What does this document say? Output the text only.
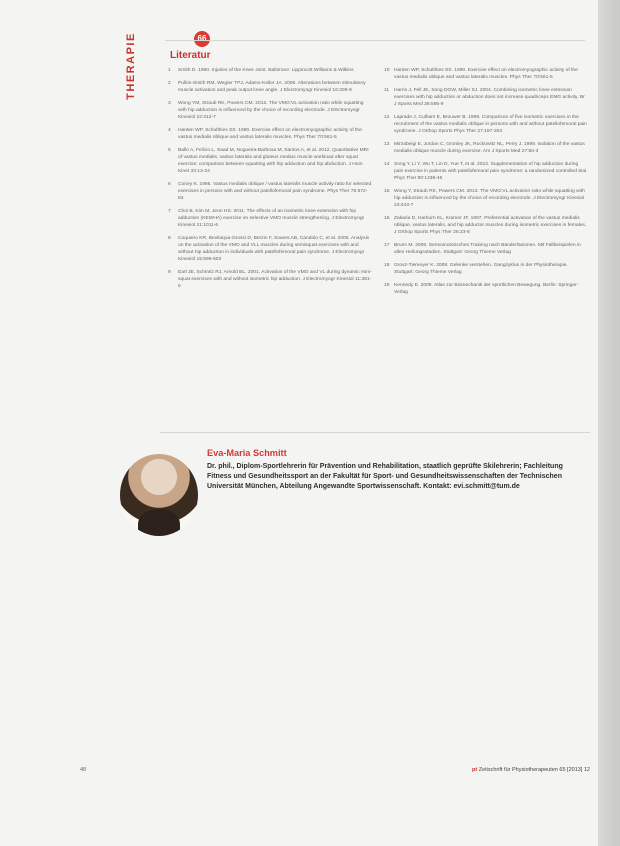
THERAPIE	66
Literatur
1 Smith D. 1960. Injuries of the Knee Joint. Baltimore: Lippincott Williams & Wilkins
2 Pulkin-Smith RM, Wegter TPJ, Adams-Keller JA. 2006. Alterations between stimulatory muscle activation and peak output knee angle. J Electromyogr Kinesiol 16:209-9
3 Wong YM, Straub RK, Powers CM. 2012. The VMO:VL activation ratio while squatting with hip adduction is influenced by the choice of recording electrode. J Electromyogr Kinesiol 22:312-7
4 Hanten WP, Schulthies SS. 1990. Exercise effect on electromyographic activity of the vastus medialis oblique and vastus lateralis muscles. Phys Ther 70:561-5
5 Ballo A, Felicio L, Saad M, Nogueira-Barbosa M, Santos A, et al. 2012. Quantitative MRI of vastus medialis, vastus lateralis and gluteus medius muscle workload after squat exercise: comparison between squatting with hip adduction and hip abduction. J Hum Kinet 33:13-24
6 Coney K. 1995. Vastus medialis oblique / vastus lateralis muscle activity ratio for selected exercises in persons with and without patellofemoral pain syndrome. Phys Ther 75:672-83
7 Choi B, Kim M, Jeon HS. 2011. The effects of an isometric knee extension with hip adduction (KEWHA) exercise on selective VMO muscle strengthening. J Electromyogr Kinesiol 21:1011-6
8 Coqueiro KR, Bevilaqua-Grossi D, Berzin F, Soares AB, Candolo C, et al. 2005. Analysis on the activation of the VMO and VLL muscles during semisquat exercises with and without hip adduction in individuals with patellofemoral pain syndrome. J Electromyogr Kinesiol 15:596-603
9 Earl JE, Schmitz RJ, Arnold BL. 2001. Activation of the VMO and VL during dynamic mini-squat exercises with and without isometric hip adduction. J Electromyogr Kinesiol 11:381-6
10 Hanten WP, Schulthies SS. 1990. Exercise effect on electromyographic activity of the vastus medialis oblique and vastus lateralis muscles. Phys Ther 70:561-5
11 Harris J, Fell JE, Song DGW, Miller SJ. 2004. Combining isometric knee extension exercises with hip adduction or abduction does not increase quadriceps EMG activity. Br J Sports Med 38:695-9
12 Laprade J, Culham E, Brouwer B. 1998. Comparison of five isometric exercises in the recruitment of the vastus medialis oblique in persons with and without patellofemoral pain syndrome. J Orthop Sports Phys Ther 27:197-204
13 Mirzabeigi E, Jordan C, Gronley JK, Rockowitz NL, Perry J. 1999. Isolation of the vastus medialis oblique muscle during exercise. Am J Sports Med 27:50-3
14 Song Y, Li Y, Wu T, Lin D, Yue T, et al. 2013. Supplementation of hip adduction during pain exercise in patients with patellofemoral pain syndrome: a randomized controlled trial. Phys Ther 90:1439-46
15 Wong Y, Straub RK, Powers CM. 2013. The VMO:VL activation ratio while squatting with hip adduction is influenced by the choice of recording electrode. J Electromyogr Kinesiol 23:443-7
16 Zakaria D, Harburn KL, Kramer JF. 1997. Preferential activation of the vastus medialis oblique, vastus lateralis, and hip adductor muscles during isometric exercises in females. J Orthop Sports Phys Ther 26:23-8
17 Brunn M. 2006. Sensomotorisches Training nach Bänderläsionen. Mit Fallbeispielen in allen Heilungsstadien. Stuttgart: Georg Thieme Verlag
18 Grosz-Tiemeyer K. 2008. Gelenke verstehen. Gangzyklus in der Physiotherapie. Stuttgart: Georg Thieme Verlag
19 Kennedy E. 2008. Atlas zur Biomechanik der sportlichen Bewegung. Berlin: Springer-Verlag
Eva-Maria Schmitt
Dr. phil., Diplom-Sportlehrerin für Prävention und Rehabilitation, staatlich geprüfte Skilehrerin; Fachleitung Fitness und Gesundheitssport an der Fakultät für Sport- und Gesundheitswissenschaften der Technischen Universität München, Abteilung Angewandte Sportwissenschaft. Kontakt: evi.schmitt@tum.de
48	pt Zeitschrift für Physiotherapeuten 65 [2013] 12
